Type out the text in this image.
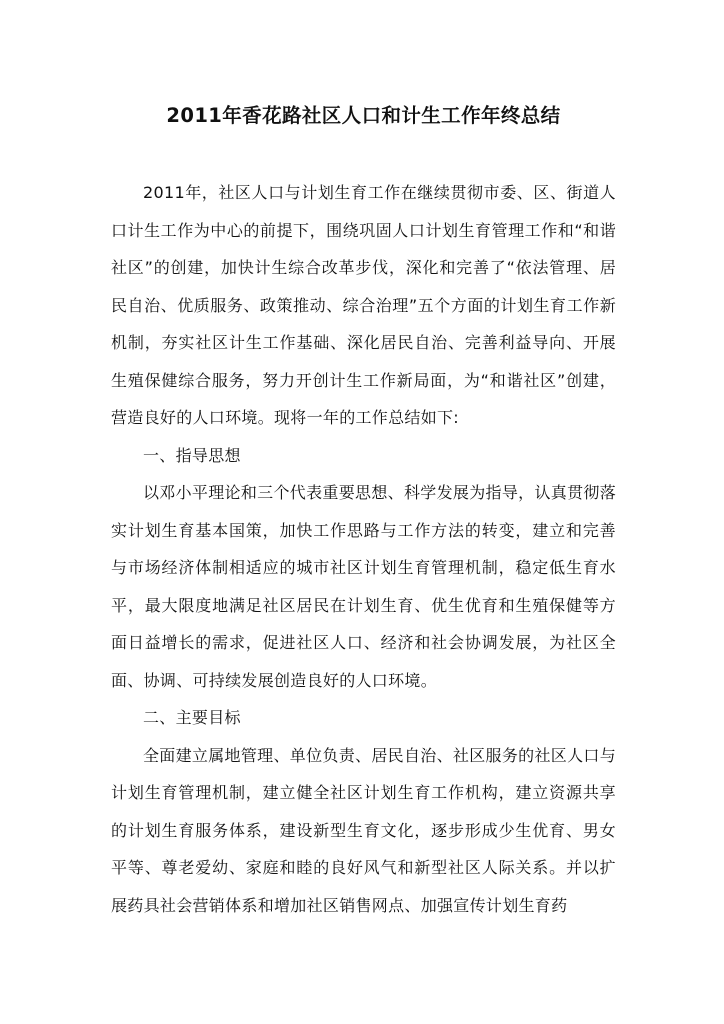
2011年香花路社区人口和计生工作年终总结

2011年，社区人口与计划生育工作在继续贯彻市委、区、街道人口计生工作为中心的前提下，围绕巩固人口计划生育管理工作和“和谐社区”的创建，加快计生综合改革步伐，深化和完善了“依法管理、居民自治、优质服务、政策推动、综合治理”五个方面的计划生育工作新机制，夯实社区计生工作基础、深化居民自治、完善利益导向、开展生殖保健综合服务，努力开创计生工作新局面，为“和谐社区”创建，营造良好的人口环境。现将一年的工作总结如下:

一、指导思想

以邓小平理论和三个代表重要思想、科学发展为指导，认真贯彻落实计划生育基本国策，加快工作思路与工作方法的转变，建立和完善与市场经济体制相适应的城市社区计划生育管理机制，稳定低生育水平，最大限度地满足社区居民在计划生育、优生优育和生殖保健等方面日益增长的需求，促进社区人口、经济和社会协调发展，为社区全面、协调、可持续发展创造良好的人口环境。

二、主要目标

全面建立属地管理、单位负责、居民自治、社区服务的社区人口与计划生育管理机制，建立健全社区计划生育工作机构，建立资源共享的计划生育服务体系，建设新型生育文化，逐步形成少生优育、男女平等、尊老爱幼、家庭和睦的良好风气和新型社区人际关系。并以扩展药具社会营销体系和增加社区销售网点、加强宣传计划生育药
